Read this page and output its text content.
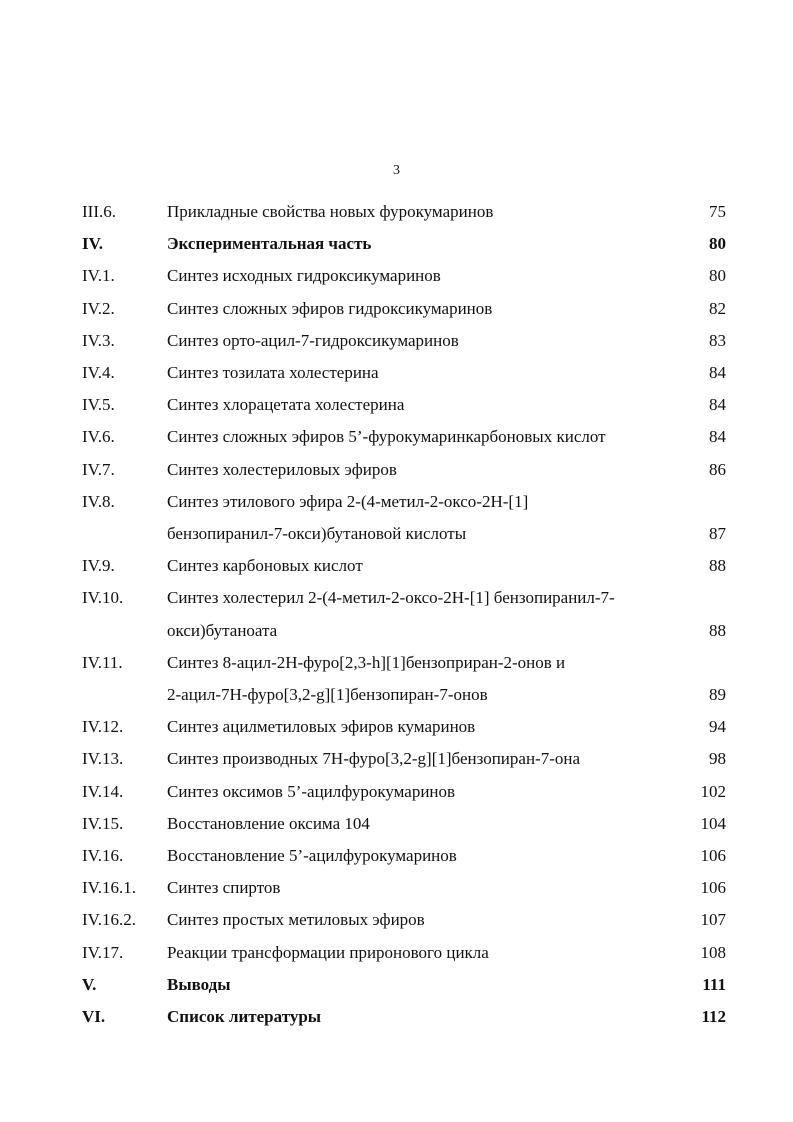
3
III.6.	Прикладные свойства новых фурокумаринов	75
IV.	Экспериментальная часть	80
IV.1.	Синтез исходных гидроксикумаринов	80
IV.2.	Синтез сложных эфиров гидроксикумаринов	82
IV.3.	Синтез орто-ацил-7-гидроксикумаринов	83
IV.4.	Синтез тозилата холестерина	84
IV.5.	Синтез хлорацетата холестерина	84
IV.6.	Синтез сложных эфиров 5’-фурокумаринкарбоновых кислот	84
IV.7.	Синтез холестериловых эфиров	86
IV.8.	Синтез этилового эфира 2-(4-метил-2-оксо-2Н-[1]
бензопиранил-7-окси)бутановой кислоты	87
IV.9.	Синтез карбоновых кислот	88
IV.10.	Синтез холестерил 2-(4-метил-2-оксо-2Н-[1] бензопиранил-7-
окси)бутаноата	88
IV.11.	Синтез 8-ацил-2Н-фуро[2,3-h][1]бензоприран-2-онов и
2-ацил-7Н-фуро[3,2-g][1]бензопиран-7-онов	89
IV.12.	Синтез ацилметиловых эфиров кумаринов	94
IV.13.	Синтез производных 7Н-фуро[3,2-g][1]бензопиран-7-она	98
IV.14.	Синтез оксимов 5’-ацилфурокумаринов	102
IV.15.	Восстановление оксима 104	104
IV.16.	Восстановление 5’-ацилфурокумаринов	106
IV.16.1.	Синтез спиртов	106
IV.16.2.	Синтез простых метиловых эфиров	107
IV.17.	Реакции трансформации прирoнового цикла	108
V.	Выводы	111
VI.	Список литературы	112
